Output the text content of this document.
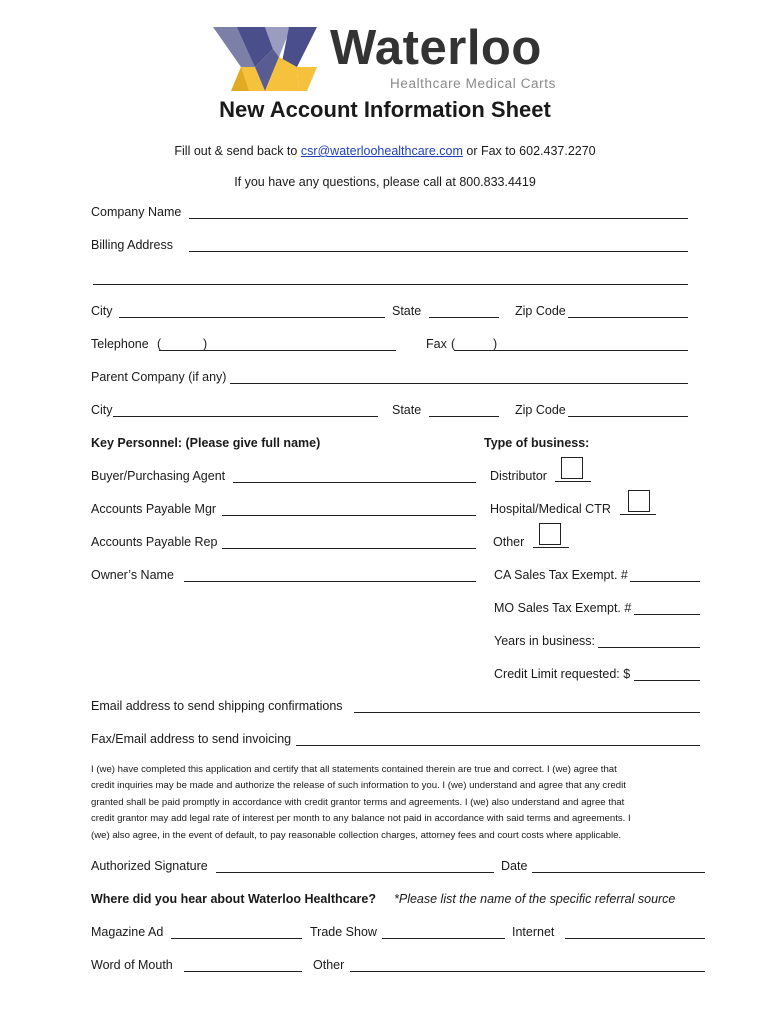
Waterloo
Healthcare Medical Carts
New Account Information Sheet
Fill out & send back to csr@waterloohealthcare.com or Fax to 602.437.2270
If you have any questions, please call at 800.833.4419
Company Name
Billing Address
City	State	Zip Code
Telephone (	)	Fax (	)
Parent Company (if any)
City	State	Zip Code
Key Personnel: (Please give full name)	Type of business:
Buyer/Purchasing Agent	Distributor
Accounts Payable Mgr	Hospital/Medical CTR
Accounts Payable Rep	Other
Owner’s Name	CA Sales Tax Exempt. #
MO Sales Tax Exempt. #
Years in business:
Credit Limit requested: $
Email address to send shipping confirmations
Fax/Email address to send invoicing

I (we) have completed this application and certify that all statements contained therein are true and correct. I (we) agree that

credit inquiries may be made and authorize the release of such information to you. I (we) understand and agree that any credit

granted shall be paid promptly in accordance with credit grantor terms and agreements. I (we) also understand and agree that

credit grantor may add legal rate of interest per month to any balance not paid in accordance with said terms and agreements. I

(we) also agree, in the event of default, to pay reasonable collection charges, attorney fees and court costs where applicable.

Authorized Signature	Date
Where did you hear about Waterloo Healthcare? *Please list the name of the specific referral source
Magazine Ad	Trade Show	Internet
Word of Mouth	Other
